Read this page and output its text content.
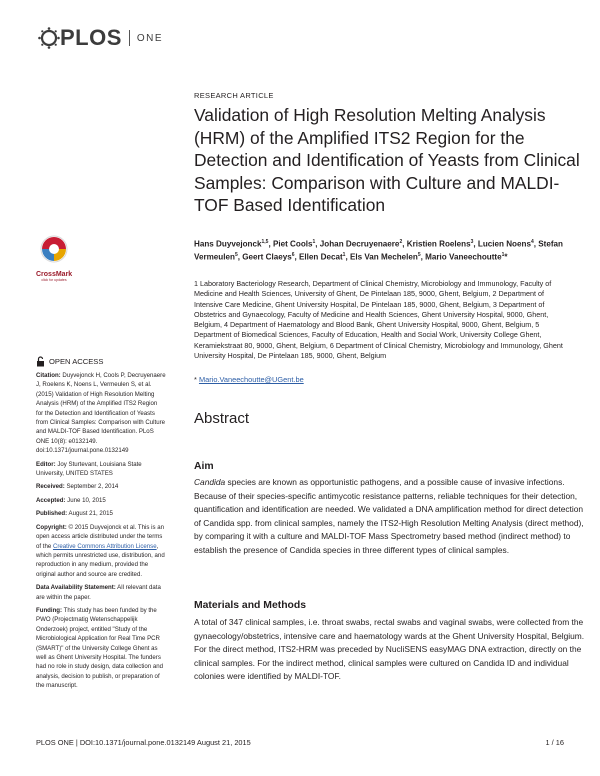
PLOS ONE
RESEARCH ARTICLE
Validation of High Resolution Melting Analysis (HRM) of the Amplified ITS2 Region for the Detection and Identification of Yeasts from Clinical Samples: Comparison with Culture and MALDI-TOF Based Identification
Hans Duyvejonck$^{1,5}$, Piet Cools$^1$, Johan Decruyenaere$^2$, Kristien Roelens$^3$, Lucien Noens$^4$, Stefan Vermeulen$^5$, Geert Claeys$^6$, Ellen Decat$^1$, Els Van Mechelen$^5$, Mario Vaneechoutte$^1$*
1 Laboratory Bacteriology Research, Department of Clinical Chemistry, Microbiology and Immunology, Faculty of Medicine and Health Sciences, University of Ghent, De Pintelaan 185, 9000, Ghent, Belgium, 2 Department of Intensive Care Medicine, Ghent University Hospital, De Pintelaan 185, 9000, Ghent, Belgium, 3 Department of Obstetrics and Gynaecology, Faculty of Medicine and Health Sciences, Ghent University Hospital, 9000, Ghent, Belgium, 4 Department of Haematology and Blood Bank, Ghent University Hospital, 9000, Ghent, Belgium, 5 Department of Biomedical Sciences, Faculty of Education, Health and Social Work, University College Ghent, Keramiekstraat 80, 9000, Ghent, Belgium, 6 Department of Clinical Chemistry, Microbiology and Immunology, Ghent University Hospital, De Pintelaan 185, 9000, Ghent, Belgium
* Mario.Vaneechoutte@UGent.be
Abstract
Aim
Candida species are known as opportunistic pathogens, and a possible cause of invasive infections. Because of their species-specific antimycotic resistance patterns, reliable techniques for their detection, quantification and identification are needed. We validated a DNA amplification method for direct detection of Candida spp. from clinical samples, namely the ITS2-High Resolution Melting Analysis (direct method), by comparing it with a culture and MALDI-TOF Mass Spectrometry based method (indirect method) to establish the presence of Candida species in three different types of clinical samples.
Materials and Methods
A total of 347 clinical samples, i.e. throat swabs, rectal swabs and vaginal swabs, were collected from the gynaecology/obstetrics, intensive care and haematology wards at the Ghent University Hospital, Belgium. For the direct method, ITS2-HRM was preceded by NucliSENS easyMAG DNA extraction, directly on the clinical samples. For the indirect method, clinical samples were cultured on Candida ID and individual colonies were identified by MALDI-TOF.
CrossMark
click for updates
OPEN ACCESS
Citation: Duyvejonck H, Cools P, Decruyenaere J, Roelens K, Noens L, Vermeulen S, et al. (2015) Validation of High Resolution Melting Analysis (HRM) of the Amplified ITS2 Region for the Detection and Identification of Yeasts from Clinical Samples: Comparison with Culture and MALDI-TOF Based Identification. PLoS ONE 10(8): e0132149. doi:10.1371/journal.pone.0132149
Editor: Joy Sturtevant, Louisiana State University, UNITED STATES
Received: September 2, 2014
Accepted: June 10, 2015
Published: August 21, 2015
Copyright: © 2015 Duyvejonck et al. This is an open access article distributed under the terms of the Creative Commons Attribution License, which permits unrestricted use, distribution, and reproduction in any medium, provided the original author and source are credited.
Data Availability Statement: All relevant data are within the paper.
Funding: This study has been funded by the PWO (Projectmatig Wetenschappelijk Onderzoek) project, entitled "Study of the Microbiological Application for Real Time PCR (SMART)" of the University College Ghent as well as Ghent University Hospital. The funders had no role in study design, data collection and analysis, decision to publish, or preparation of the manuscript.
PLOS ONE | DOI:10.1371/journal.pone.0132149 August 21, 2015	1 / 16
